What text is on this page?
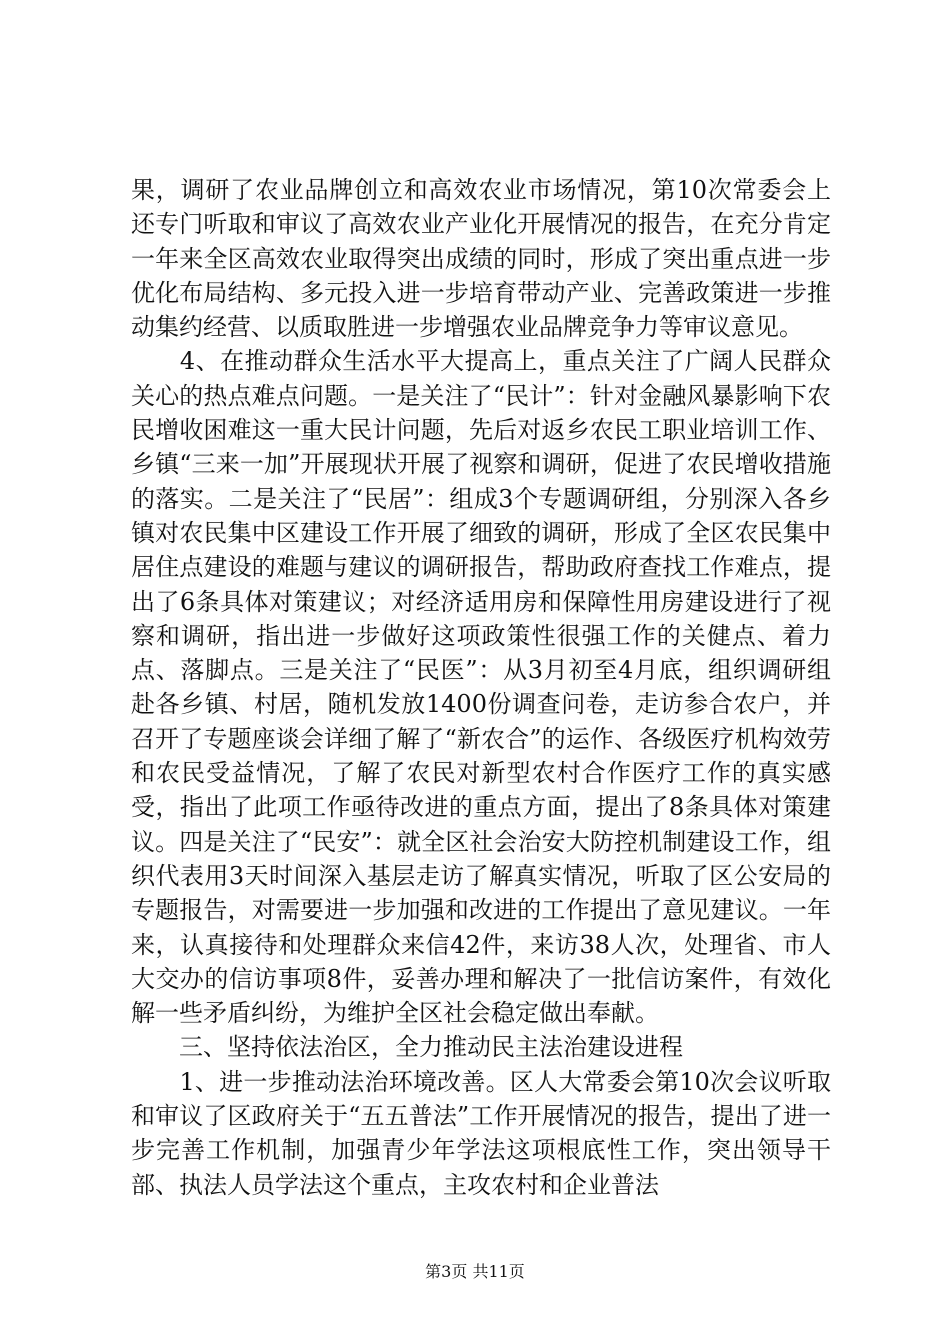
果，调研了农业品牌创立和高效农业市场情况，第10次常委会上还专门听取和审议了高效农业产业化开展情况的报告，在充分肯定一年来全区高效农业取得突出成绩的同时，形成了突出重点进一步优化布局结构、多元投入进一步培育带动产业、完善政策进一步推动集约经营、以质取胜进一步增强农业品牌竞争力等审议意见。

　　4、在推动群众生活水平大提高上，重点关注了广阔人民群众关心的热点难点问题。一是关注了“民计”：针对金融风暴影响下农民增收困难这一重大民计问题，先后对返乡农民工职业培训工作、乡镇“三来一加”开展现状开展了视察和调研，促进了农民增收措施的落实。二是关注了“民居”：组成3个专题调研组，分别深入各乡镇对农民集中区建设工作开展了细致的调研，形成了全区农民集中居住点建设的难题与建议的调研报告，帮助政府查找工作难点，提出了6条具体对策建议；对经济适用房和保障性用房建设进行了视察和调研，指出进一步做好这项政策性很强工作的关健点、着力点、落脚点。三是关注了“民医”：从3月初至4月底，组织调研组赴各乡镇、村居，随机发放1400份调查问卷，走访参合农户，并召开了专题座谈会详细了解了“新农合”的运作、各级医疗机构效劳和农民受益情况，了解了农民对新型农村合作医疗工作的真实感受，指出了此项工作亟待改进的重点方面，提出了8条具体对策建议。四是关注了“民安”：就全区社会治安大防控机制建设工作，组织代表用3天时间深入基层走访了解真实情况，听取了区公安局的专题报告，对需要进一步加强和改进的工作提出了意见建议。一年来，认真接待和处理群众来信42件，来访38人次，处理省、市人大交办的信访事项8件，妥善办理和解决了一批信访案件，有效化解一些矛盾纠纷，为维护全区社会稳定做出奉献。

　　三、坚持依法治区，全力推动民主法治建设进程

　　1、进一步推动法治环境改善。区人大常委会第10次会议听取和审议了区政府关于“五五普法”工作开展情况的报告，提出了进一步完善工作机制，加强青少年学法这项根底性工作，突出领导干部、执法人员学法这个重点，主攻农村和企业普法

第3页 共11页
